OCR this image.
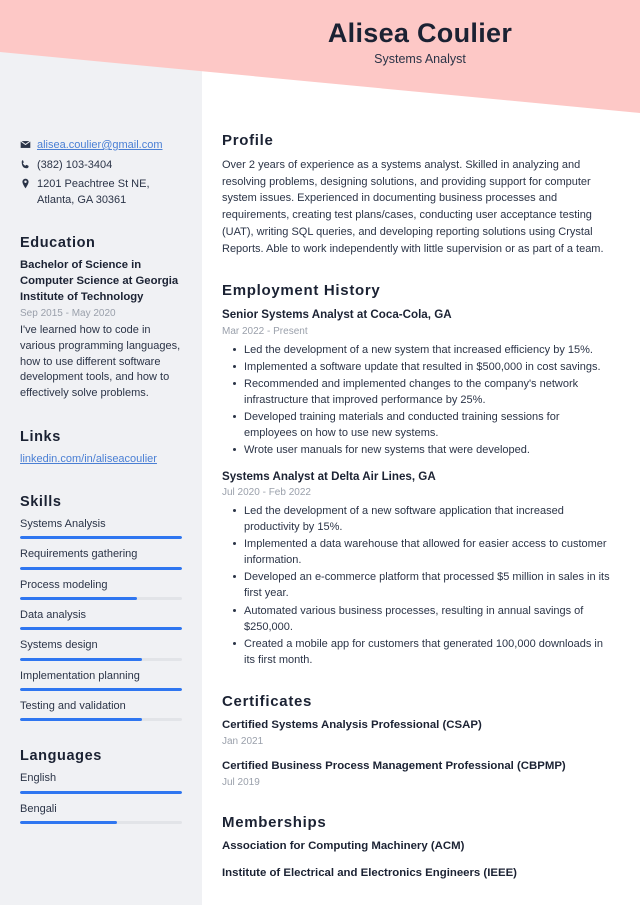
Alisea Coulier
Systems Analyst
alisea.coulier@gmail.com
(382) 103-3404
1201 Peachtree St NE,
Atlanta, GA 30361
Education
Bachelor of Science in Computer Science at Georgia Institute of Technology
Sep 2015 - May 2020
I've learned how to code in various programming languages, how to use different software development tools, and how to effectively solve problems.
Links
linkedin.com/in/aliseacoulier
Skills
Systems Analysis
Requirements gathering
Process modeling
Data analysis
Systems design
Implementation planning
Testing and validation
Languages
English
Bengali
Profile
Over 2 years of experience as a systems analyst. Skilled in analyzing and resolving problems, designing solutions, and providing support for computer system issues. Experienced in documenting business processes and requirements, creating test plans/cases, conducting user acceptance testing (UAT), writing SQL queries, and developing reporting solutions using Crystal Reports. Able to work independently with little supervision or as part of a team.
Employment History
Senior Systems Analyst at Coca-Cola, GA
Mar 2022 - Present
Led the development of a new system that increased efficiency by 15%.
Implemented a software update that resulted in $500,000 in cost savings.
Recommended and implemented changes to the company's network infrastructure that improved performance by 25%.
Developed training materials and conducted training sessions for employees on how to use new systems.
Wrote user manuals for new systems that were developed.
Systems Analyst at Delta Air Lines, GA
Jul 2020 - Feb 2022
Led the development of a new software application that increased productivity by 15%.
Implemented a data warehouse that allowed for easier access to customer information.
Developed an e-commerce platform that processed $5 million in sales in its first year.
Automated various business processes, resulting in annual savings of $250,000.
Created a mobile app for customers that generated 100,000 downloads in its first month.
Certificates
Certified Systems Analysis Professional (CSAP)
Jan 2021
Certified Business Process Management Professional (CBPMP)
Jul 2019
Memberships
Association for Computing Machinery (ACM)
Institute of Electrical and Electronics Engineers (IEEE)
